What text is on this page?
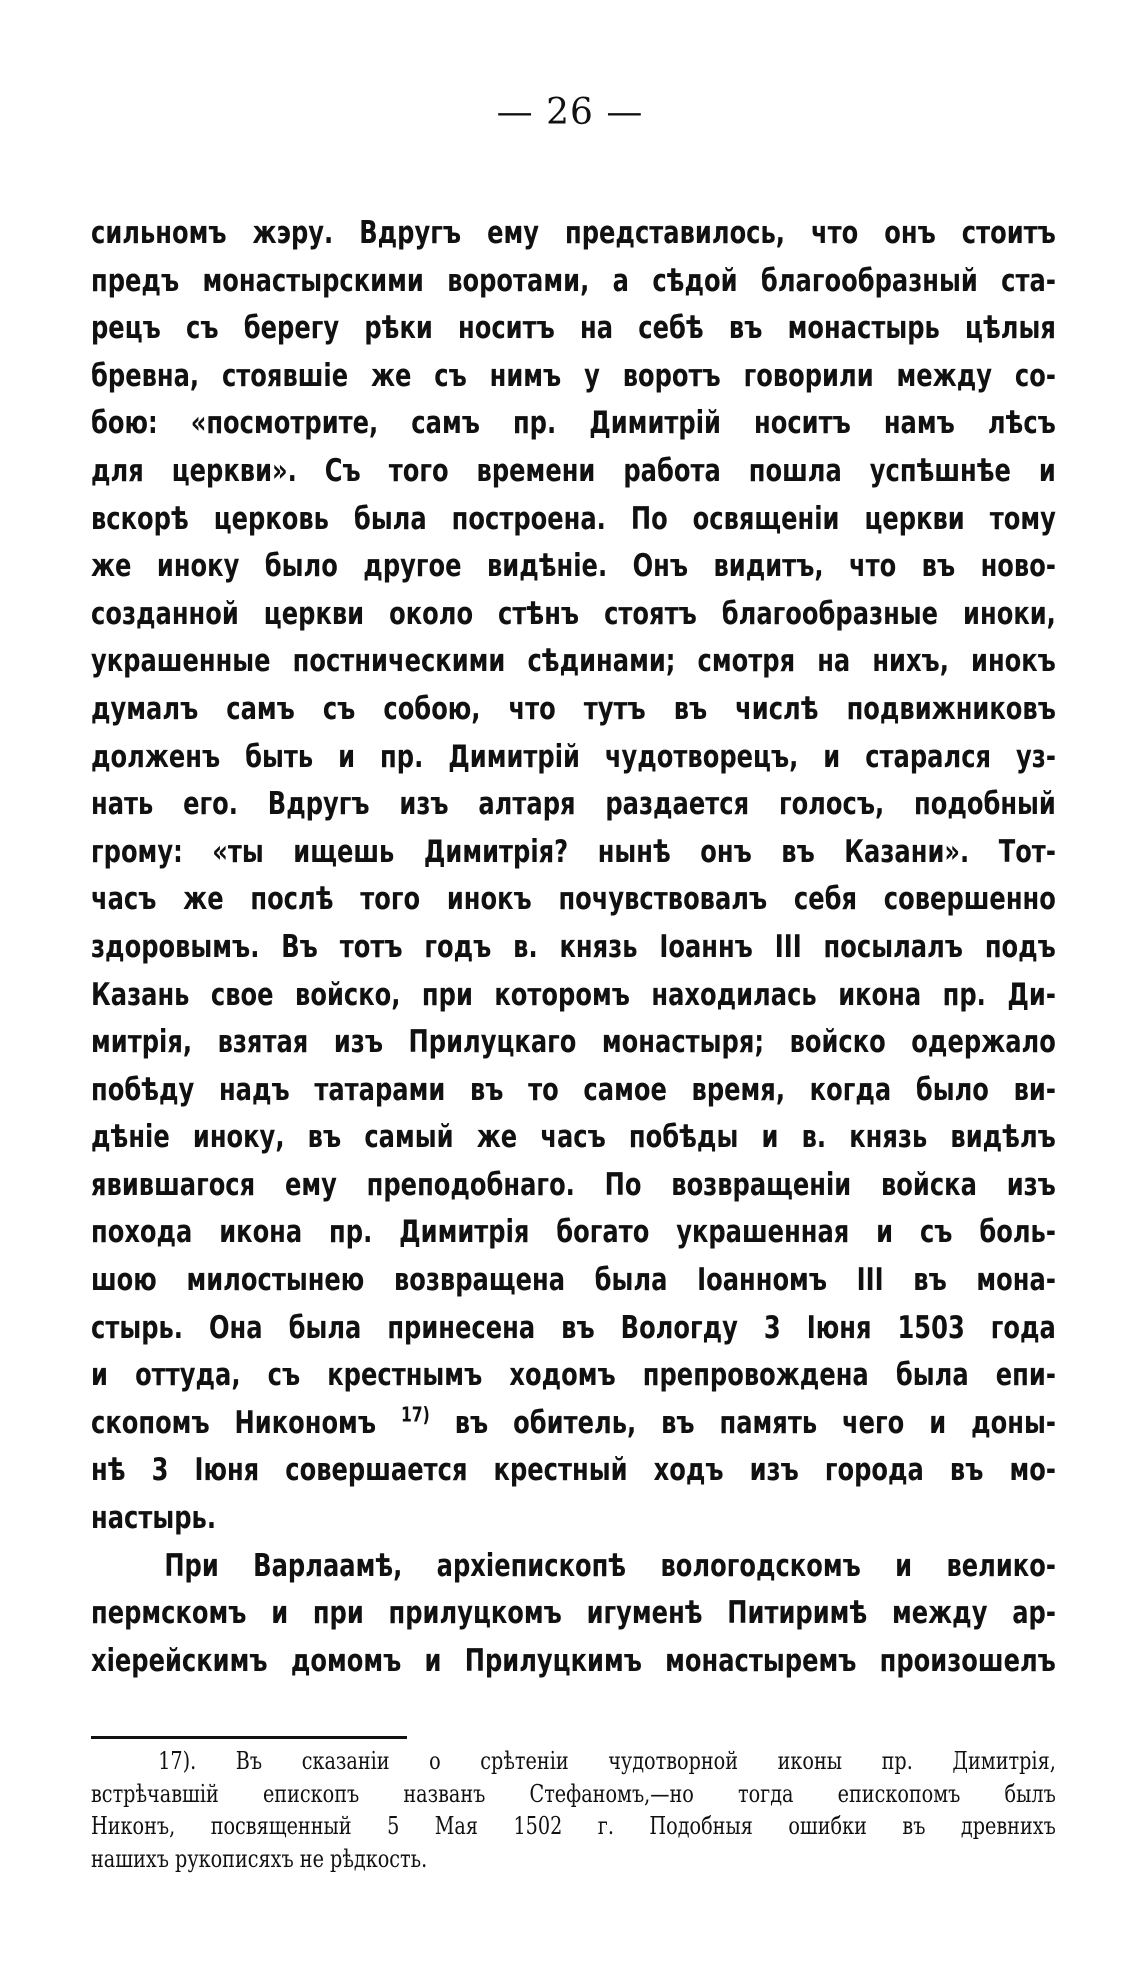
— 26 —
сильномъ жэру. Вдругъ ему представилось, что онъ стоитъ
предъ монастырскими воротами, а сѣдой благообразный ста-
рецъ съ берегу рѣки носитъ на себѣ въ монастырь цѣлыя
бревна, стоявшіе же съ нимъ у воротъ говорили между со-
бою: «посмотрите, самъ пр. Димитрій носитъ намъ лѣсъ
для церкви». Съ того времени работа пошла успѣшнѣе и
вскорѣ церковь была построена. По освященіи церкви тому
же иноку было другое видѣніе. Онъ видитъ, что въ ново-
созданной церкви около стѣнъ стоятъ благообразные иноки,
украшенные постническими сѣдинами; смотря на нихъ, инокъ
думалъ самъ съ собою, что тутъ въ числѣ подвижниковъ
долженъ быть и пр. Димитрій чудотворецъ, и старался уз-
нать его. Вдругъ изъ алтаря раздается голосъ, подобный
грому: «ты ищешь Димитрія? нынѣ онъ въ Казани». Тот-
часъ же послѣ того инокъ почувствовалъ себя совершенно
здоровымъ. Въ тотъ годъ в. князь Іоаннъ III посылалъ подъ
Казань свое войско, при которомъ находилась икона пр. Ди-
митрія, взятая изъ Прилуцкаго монастыря; войско одержало
побѣду надъ татарами въ то самое время, когда было ви-
дѣніе иноку, въ самый же часъ побѣды и в. князь видѣлъ
явившагося ему преподобнаго. По возвращеніи войска изъ
похода икона пр. Димитрія богато украшенная и съ боль-
шою милостынею возвращена была Іоанномъ III въ мона-
стырь. Она была принесена въ Вологду 3 Іюня 1503 года
и оттуда, съ крестнымъ ходомъ препровождена была епи-
скопомъ Никономъ $^{17)}$ въ обитель, въ память чего и доны-
нѣ 3 Іюня совершается крестный ходъ изъ города въ мо-
настырь.
При Варлаамѣ, архіепископѣ вологодскомъ и велико-
пермскомъ и при прилуцкомъ игуменѣ Питиримѣ между ар-
хіерейскимъ домомъ и Прилуцкимъ монастыремъ произошелъ
17). Въ сказаніи о срѣтеніи чудотворной иконы пр. Димитрія,
встрѣчавшій епископъ названъ Стефаномъ,—но тогда епископомъ былъ
Никонъ, посвященный 5 Мая 1502 г. Подобныя ошибки въ древнихъ
нашихъ рукописяхъ не рѣдкость.
